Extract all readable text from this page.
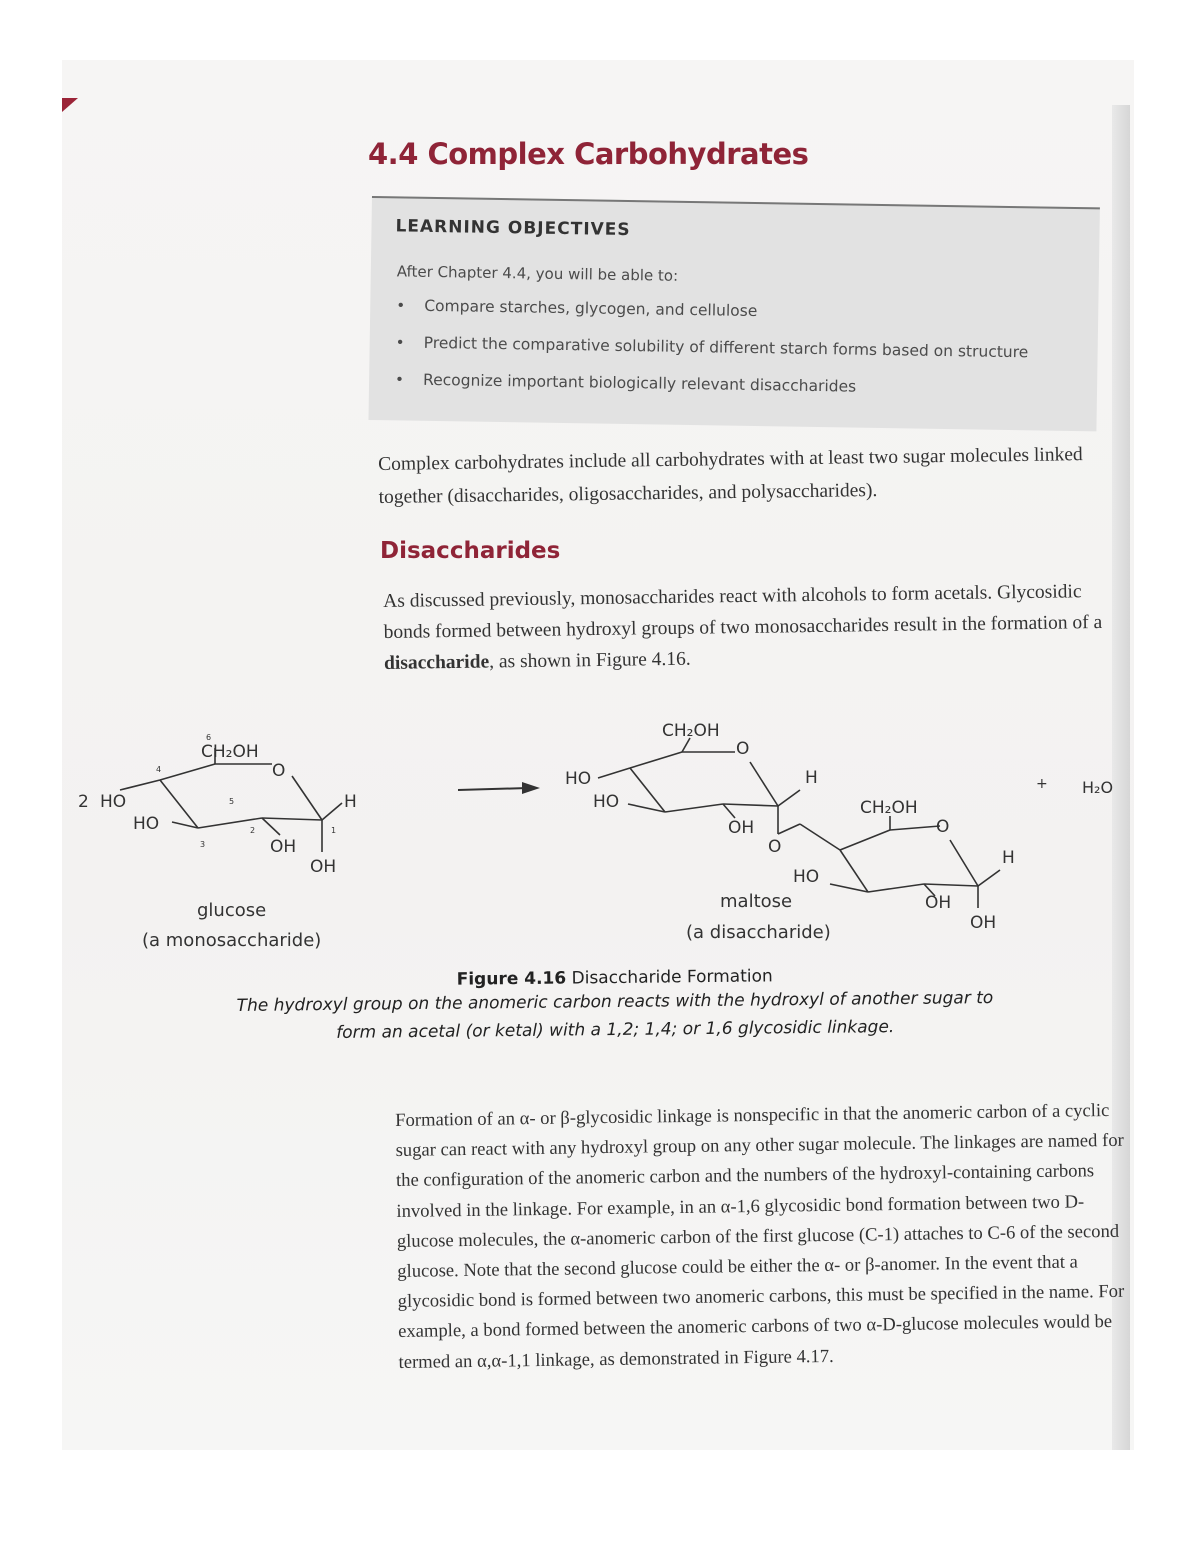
4.4 Complex Carbohydrates
LEARNING OBJECTIVES
After Chapter 4.4, you will be able to:
• Compare starches, glycogen, and cellulose
• Predict the comparative solubility of different starch forms based on structure
• Recognize important biologically relevant disaccharides

Complex carbohydrates include all carbohydrates with at least two sugar molecules linked together (disaccharides, oligosaccharides, and polysaccharides).

Disaccharides

As discussed previously, monosaccharides react with alcohols to form acetals. Glycosidic bonds formed between hydroxyl groups of two monosaccharides result in the formation of a disaccharide, as shown in Figure 4.16.

2 HO
HO
CH₂OH
O
H
OH
OH
6
4
5
3
2	1
glucose
(a monosaccharide)
HO
HO
CH₂OH
O
H
OH
O
CH₂OH
O
HO
H
OH
OH
maltose
(a disaccharide)
+ H₂O
Figure 4.16 Disaccharide Formation
The hydroxyl group on the anomeric carbon reacts with the hydroxyl of another sugar to form an acetal (or ketal) with a 1,2; 1,4; or 1,6 glycosidic linkage.

Formation of an α- or β-glycosidic linkage is nonspecific in that the anomeric carbon of a cyclic sugar can react with any hydroxyl group on any other sugar molecule. The linkages are named for the configuration of the anomeric carbon and the numbers of the hydroxyl-containing carbons involved in the linkage. For example, in an α-1,6 glycosidic bond formation between two D-glucose molecules, the α-anomeric carbon of the first glucose (C-1) attaches to C-6 of the second glucose. Note that the second glucose could be either the α- or β-anomer. In the event that a glycosidic bond is formed between two anomeric carbons, this must be specified in the name. For example, a bond formed between the anomeric carbons of two α-D-glucose molecules would be termed an α,α-1,1 linkage, as demonstrated in Figure 4.17.
